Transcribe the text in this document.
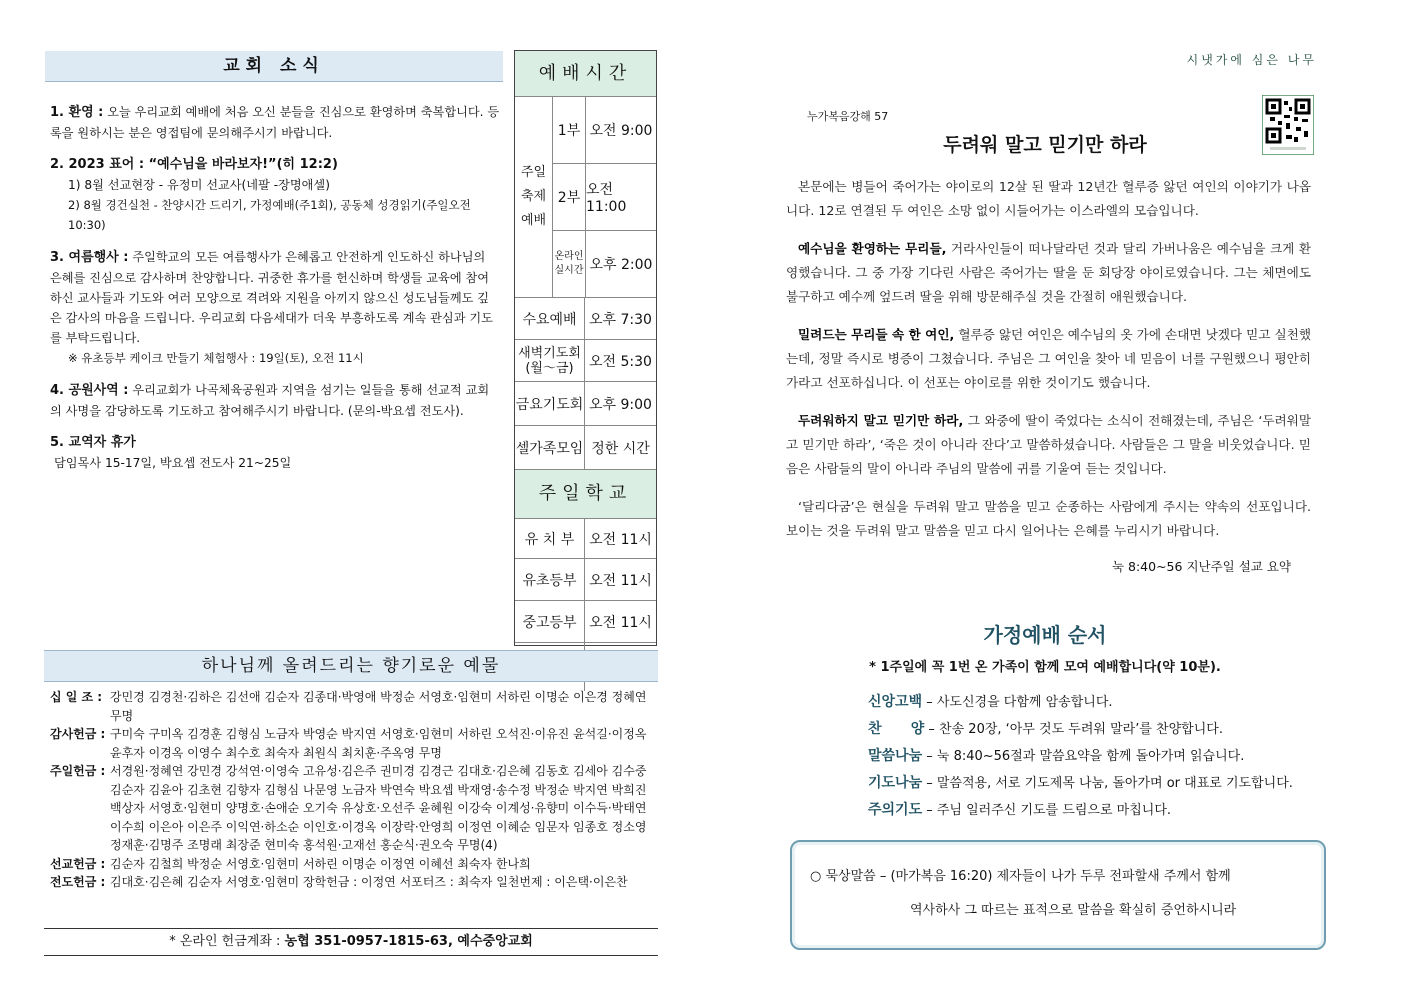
교회 소식
1. 환영 : 오늘 우리교회 예배에 처음 오신 분들을 진심으로 환영하며 축복합니다. 등록을 원하시는 분은 영접팀에 문의해주시기 바랍니다.
2. 2023 표어 : “예수님을 바라보자!”(히 12:2)
1) 8월 선교현장 - 유정미 선교사(네팔 -장명애셀)
2) 8월 경건실천 - 찬양시간 드리기, 가정예배(주1회), 공동체 성경읽기(주일오전10:30)
3. 여름행사 : 주일학교의 모든 여름행사가 은혜롭고 안전하게 인도하신 하나님의 은혜를 진심으로 감사하며 찬양합니다. 귀중한 휴가를 헌신하며 학생들 교육에 참여하신 교사들과 기도와 여러 모양으로 격려와 지원을 아끼지 않으신 성도님들께도 깊은 감사의 마음을 드립니다. 우리교회 다음세대가 더욱 부흥하도록 계속 관심과 기도를 부탁드립니다.
※ 유초등부 케이크 만들기 체험행사 : 19일(토), 오전 11시
4. 공원사역 : 우리교회가 나곡체육공원과 지역을 섬기는 일들을 통해 선교적 교회의 사명을 감당하도록 기도하고 참여해주시기 바랍니다. (문의-박요셉 전도사).
5. 교역자 휴가
담임목사 15-17일, 박요셉 전도사 21~25일
예배시간
주일 축제 예배
1부 오전 9:00
2부 오전 11:00
온라인 실시간 오후 2:00
수요예배 오후 7:30
새벽기도회 (월～금)	오전 5:30
금요기도회 오후 9:00
셀가족모임 정한 시간
주일학교
유 치 부	오전 11시
유초등부 오전 11시
중고등부 오전 11시
하나님께 올려드리는 향기로운 예물
십 일 조 : 강민경 김경천·김하은 김선애 김순자 김종대·박영애 박정순 서영호·임현미 서하린 이명순 이은경 정혜연 무명
감사헌금 : 구미숙 구미옥 김경훈 김형심 노금자 박영순 박지연 서영호·임현미 서하린 오석진·이유진 윤석길·이정옥 윤후자 이경옥 이영수 최수호 최숙자 최원식 최치훈·주옥영 무명
주일헌금 : 서경원·정혜연 강민경 강석연·이영숙 고유성·김은주 권미경 김경근 김대호·김은혜 김동호 김세아 김수중 김순자 김윤아 김초현 김향자 김형심 나문영 노금자 박연숙 박요셉 박재영·송수정 박정순 박지연 박희진 백상자 서영호·임현미 양명호·손애순 오기숙 유상호·오선주 윤혜원 이강숙 이계성·유향미 이수득·박태연 이수희 이은아 이은주 이익연·하소순 이인호·이경옥 이장락·안영희 이정연 이혜순 임문자 임종호 정소영 정재훈·김명주 조명래 최장준 현미숙 홍석원·고재선 홍순식·권오숙 무명(4)
선교헌금 : 김순자 김철희 박정순 서영호·임현미 서하린 이명순 이정연 이혜선 최숙자 한나희
전도헌금 : 김대호·김은혜 김순자 서영호·임현미 장학헌금 : 이정연 서포터즈 : 최숙자 일천번제 : 이은택·이은찬
* 온라인 헌금계좌 : 농협 351-0957-1815-63, 예수중앙교회
시냇가에 심은 나무
누가복음강해 57
두려워 말고 믿기만 하라

본문에는 병들어 죽어가는 야이로의 12살 된 딸과 12년간 혈루증 앓던 여인의 이야기가 나옵니다. 12로 연결된 두 여인은 소망 없이 시들어가는 이스라엘의 모습입니다.

예수님을 환영하는 무리들, 거라사인들이 떠나달라던 것과 달리 가버나움은 예수님을 크게 환영했습니다. 그 중 가장 기다린 사람은 죽어가는 딸을 둔 회당장 야이로였습니다. 그는 체면에도 불구하고 예수께 엎드려 딸을 위해 방문해주실 것을 간절히 애원했습니다.

밀려드는 무리들 속 한 여인, 혈루증 앓던 여인은 예수님의 옷 가에 손대면 낫겠다 믿고 실천했는데, 정말 즉시로 병증이 그쳤습니다. 주님은 그 여인을 찾아 네 믿음이 너를 구원했으니 평안히 가라고 선포하십니다. 이 선포는 야이로를 위한 것이기도 했습니다.

두려워하지 말고 믿기만 하라, 그 와중에 딸이 죽었다는 소식이 전해졌는데, 주님은 ‘두려워말고 믿기만 하라’, ‘죽은 것이 아니라 잔다’고 말씀하셨습니다. 사람들은 그 말을 비웃었습니다. 믿음은 사람들의 말이 아니라 주님의 말씀에 귀를 기울여 듣는 것입니다.

‘달리다굼’은 현실을 두려워 말고 말씀을 믿고 순종하는 사람에게 주시는 약속의 선포입니다. 보이는 것을 두려워 말고 말씀을 믿고 다시 일어나는 은혜를 누리시기 바랍니다.

눅 8:40~56 지난주일 설교 요약
가정예배 순서
* 1주일에 꼭 1번 온 가족이 함께 모여 예배합니다(약 10분).
신앙고백 – 사도신경을 다함께 암송합니다.
찬      양 – 찬송 20장, ‘아무 것도 두려워 말라’를 찬양합니다.
말씀나눔 – 눅 8:40~56절과 말씀요약을 함께 돌아가며 읽습니다.
기도나눔 – 말씀적용, 서로 기도제목 나눔, 돌아가며 or 대표로 기도합니다.
주의기도 – 주님 일러주신 기도를 드림으로 마칩니다.
○ 묵상말씀 – (마가복음 16:20) 제자들이 나가 두루 전파할새 주께서 함께
역사하사 그 따르는 표적으로 말씀을 확실히 증언하시니라
